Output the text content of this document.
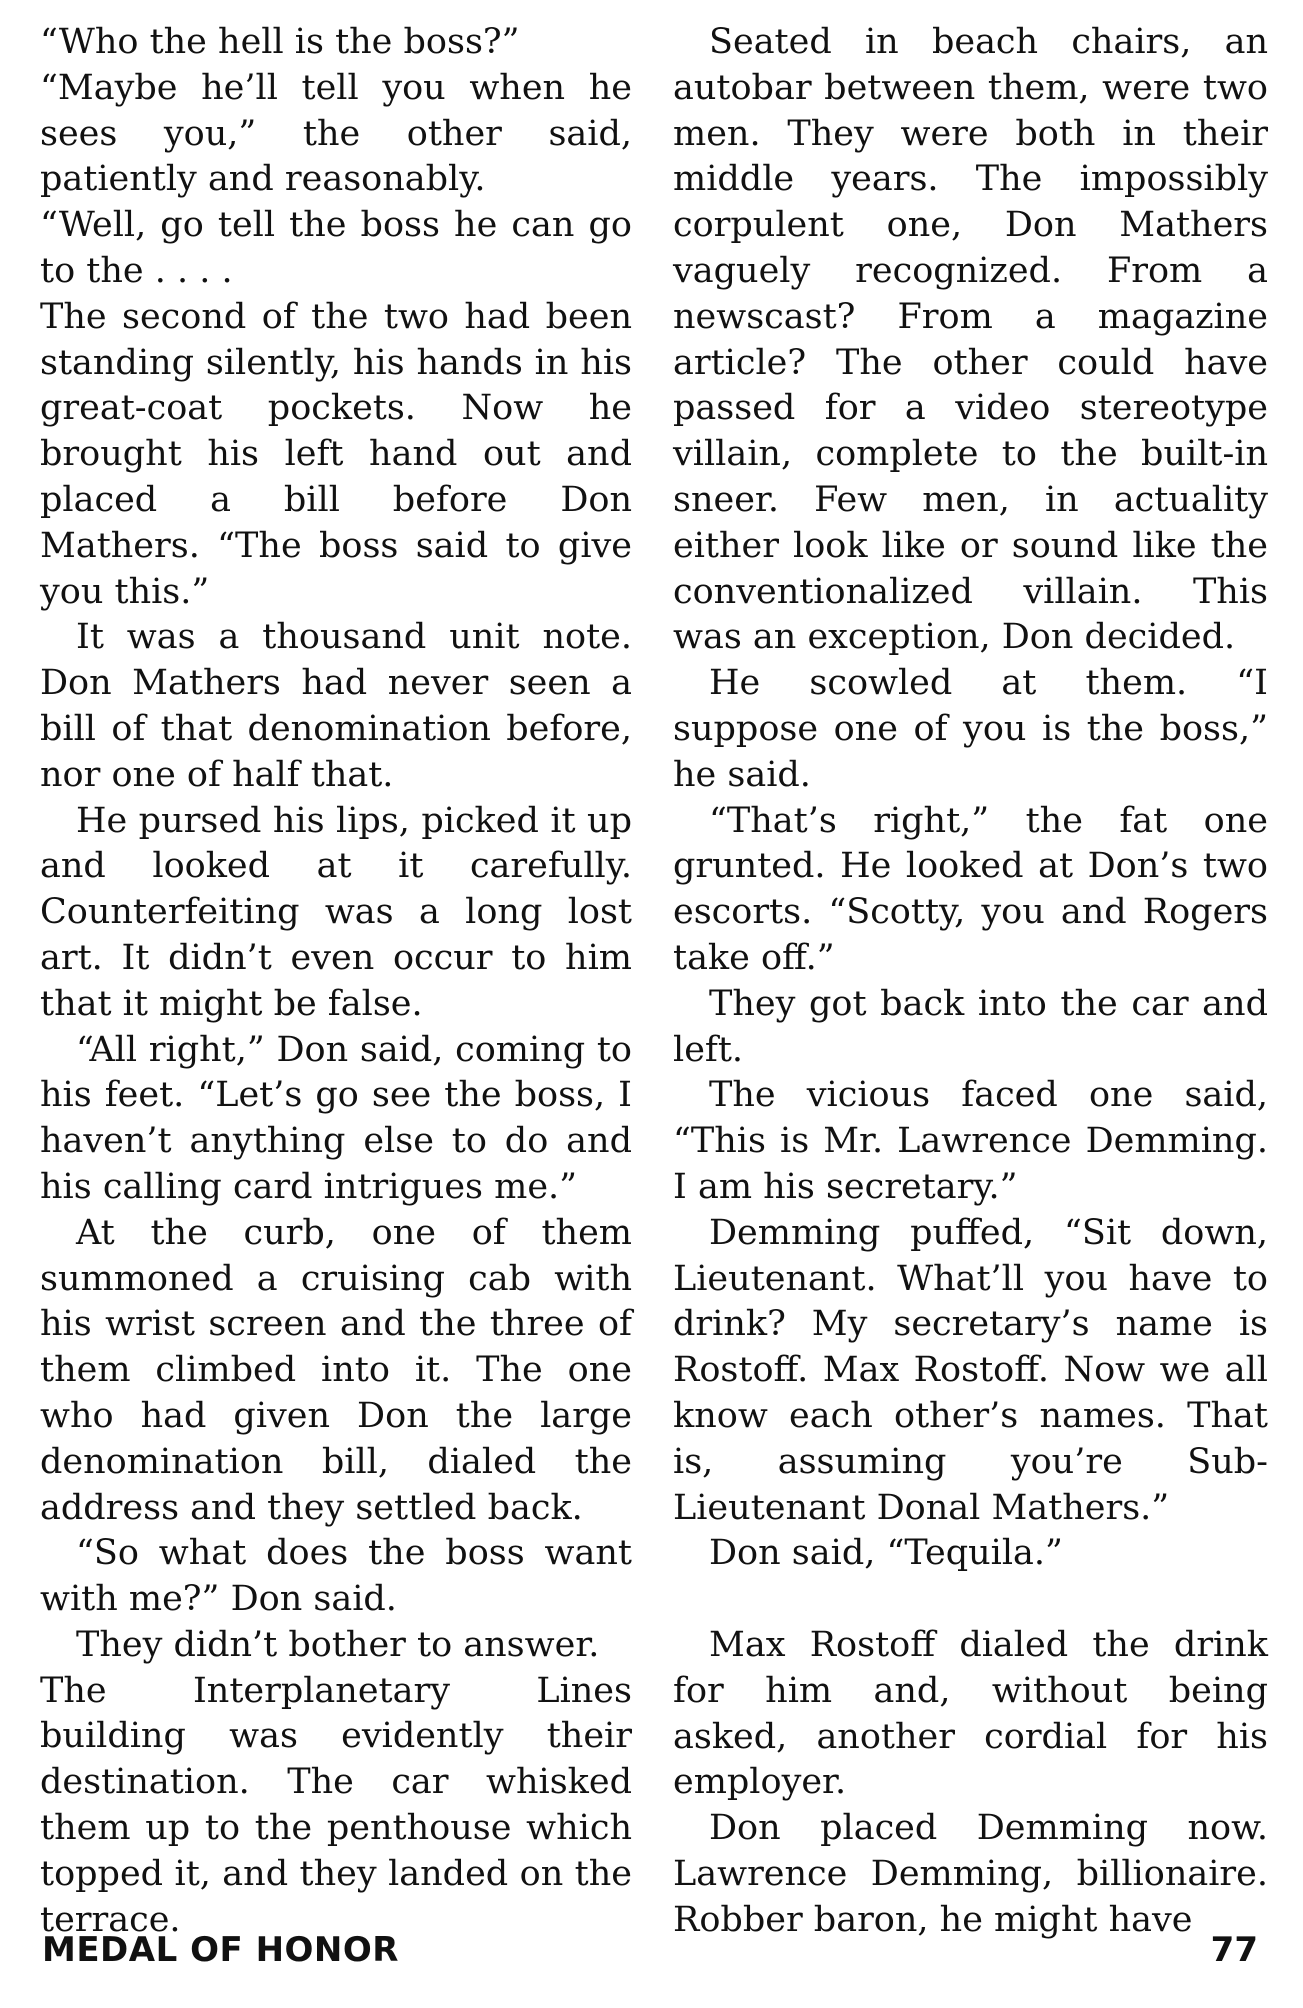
“Who the hell is the boss?”

“Maybe he’ll tell you when he sees you,” the other said, patiently and reasonably.

“Well, go tell the boss he can go to the . . . .

The second of the two had been standing silently, his hands in his great-coat pockets. Now he brought his left hand out and placed a bill before Don Mathers. “The boss said to give you this.”

It was a thousand unit note. Don Mathers had never seen a bill of that denomination before, nor one of half that.

He pursed his lips, picked it up and looked at it carefully. Counterfeiting was a long lost art. It didn’t even occur to him that it might be false.

“All right,” Don said, coming to his feet. “Let’s go see the boss, I haven’t anything else to do and his calling card intrigues me.”

At the curb, one of them summoned a cruising cab with his wrist screen and the three of them climbed into it. The one who had given Don the large denomination bill, dialed the address and they settled back.

“So what does the boss want with me?” Don said.

They didn’t bother to answer.

The Interplanetary Lines building was evidently their destination. The car whisked them up to the penthouse which topped it, and they landed on the terrace.

Seated in beach chairs, an autobar between them, were two men. They were both in their middle years. The impossibly corpulent one, Don Mathers vaguely recognized. From a newscast? From a magazine article? The other could have passed for a video stereotype villain, complete to the built-in sneer. Few men, in actuality either look like or sound like the conventionalized villain. This was an exception, Don decided.

He scowled at them. “I suppose one of you is the boss,” he said.

“That’s right,” the fat one grunted. He looked at Don’s two escorts. “Scotty, you and Rogers take off.”

They got back into the car and left.

The vicious faced one said, “This is Mr. Lawrence Demming. I am his secretary.”

Demming puffed, “Sit down, Lieutenant. What’ll you have to drink? My secretary’s name is Rostoff. Max Rostoff. Now we all know each other’s names. That is, assuming you’re Sub-Lieutenant Donal Mathers.”

Don said, “Tequila.”

Max Rostoff dialed the drink for him and, without being asked, another cordial for his employer.

Don placed Demming now. Lawrence Demming, billionaire. Robber baron, he might have

MEDAL OF HONOR	77
